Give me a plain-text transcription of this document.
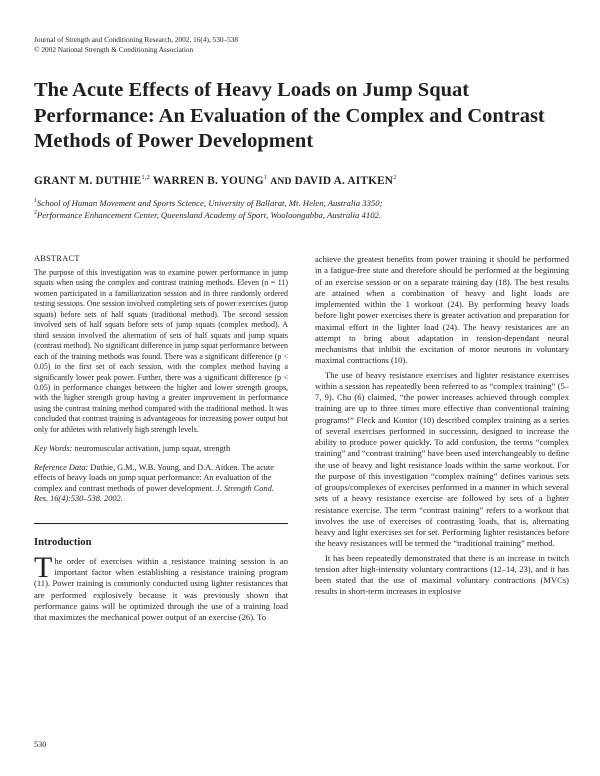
Journal of Strength and Conditioning Research, 2002, 16(4), 530–538
© 2002 National Strength & Conditioning Association
The Acute Effects of Heavy Loads on Jump Squat Performance: An Evaluation of the Complex and Contrast Methods of Power Development
GRANT M. DUTHIE$^{1,2}$ WARREN B. YOUNG$^1$ AND DAVID A. AITKEN$^2$
$^1$School of Human Movement and Sports Science, University of Ballarat, Mt. Helen, Australia 3350;
$^2$Performance Enhancement Center, Queensland Academy of Sport, Wooloongabba, Australia 4102.
ABSTRACT

The purpose of this investigation was to examine power performance in jump squats when using the complex and contrast training methods. Eleven (n = 11) women participated in a familiarization session and in three randomly ordered testing sessions. One session involved completing sets of power exercises (jump squats) before sets of half squats (traditional method). The second session involved sets of half squats before sets of jump squats (complex method). A third session involved the alternation of sets of half squats and jump squats (contrast method). No significant difference in jump squat performance between each of the training methods was found. There was a significant difference (p < 0.05) in the first set of each session, with the complex method having a significantly lower peak power. Further, there was a significant difference (p < 0.05) in performance changes between the higher and lower strength groups, with the higher strength group having a greater improvement in performance using the contrast training method compared with the traditional method. It was concluded that contrast training is advantageous for increasing power output but only for athletes with relatively high strength levels.

Key Words: neuromuscular activation, jump squat, strength

Reference Data: Duthie, G.M., W.B. Young, and D.A. Aitken. The acute effects of heavy loads on jump squat performance: An evaluation of the complex and contrast methods of power development. J. Strength Cond. Res. 16(4):530–538. 2002.

Introduction

The order of exercises within a resistance training session is an important factor when establishing a resistance training program (11). Power training is commonly conducted using lighter resistances that are performed explosively because it was previously shown that performance gains will be optimized through the use of a training load that maximizes the mechanical power output of an exercise (26). To

achieve the greatest benefits from power training it should be performed in a fatigue-free state and therefore should be performed at the beginning of an exercise session or on a separate training day (18). The best results are attained when a combination of heavy and light loads are implemented within the 1 workout (24). By performing heavy loads before light power exercises there is greater activation and preparation for maximal effort in the lighter load (24). The heavy resistances are an attempt to bring about adaptation in tension-dependant neural mechanisms that inhibit the excitation of motor neurons in voluntary maximal contractions (10).

The use of heavy resistance exercises and lighter resistance exercises within a session has repeatedly been referred to as “complex training” (5–7, 9). Chu (6) claimed, “the power increases achieved through complex training are up to three times more effective than conventional training programs!” Fleck and Kontor (10) described complex training as a series of several exercises performed in succession, designed to increase the ability to produce power quickly. To add confusion, the terms “complex training” and “contrast training” have been used interchangeably to define the use of heavy and light resistance loads within the same workout. For the purpose of this investigation “complex training” defines various sets of groups/complexes of exercises performed in a manner in which several sets of a heavy resistance exercise are followed by sets of a lighter resistance exercise. The term “contrast training” refers to a workout that involves the use of exercises of contrasting loads, that is, alternating heavy and light exercises set for set. Performing lighter resistances before the heavy resistances will be termed the “traditional training” method.

It has been repeatedly demonstrated that there is an increase in twitch tension after high-intensity voluntary contractions (12–14, 23), and it has been stated that the use of maximal voluntary contractions (MVCs) results in short-term increases in explosive

530
